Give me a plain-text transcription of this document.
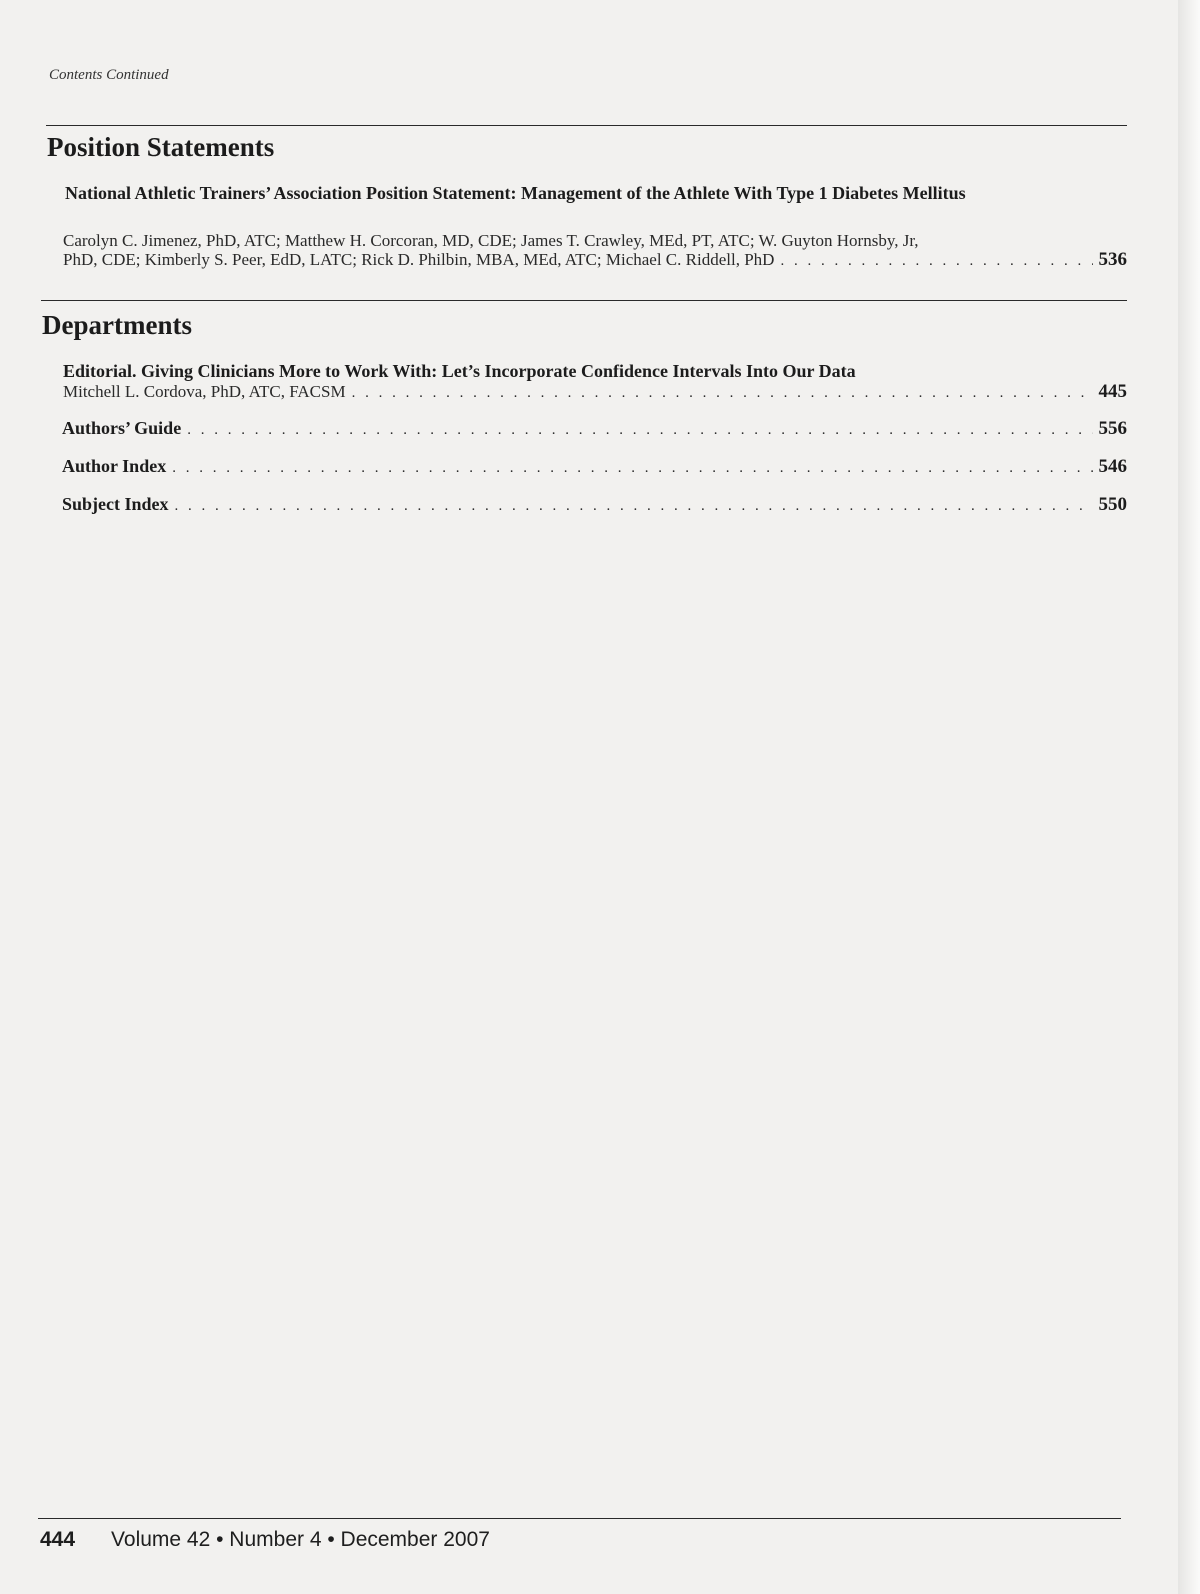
Contents Continued
Position Statements
National Athletic Trainers’ Association Position Statement: Management of the Athlete With Type 1 Diabetes Mellitus
Carolyn C. Jimenez, PhD, ATC; Matthew H. Corcoran, MD, CDE; James T. Crawley, MEd, PT, ATC; W. Guyton Hornsby, Jr,
PhD, CDE; Kimberly S. Peer, EdD, LATC; Rick D. Philbin, MBA, MEd, ATC; Michael C. Riddell, PhD . . .	536
Departments
Editorial. Giving Clinicians More to Work With: Let’s Incorporate Confidence Intervals Into Our Data
Mitchell L. Cordova, PhD, ATC, FACSM . . .	445
Authors’ Guide . . .	556
Author Index . . .	546
Subject Index . . .	550
444 Volume 42 • Number 4 • December 2007
